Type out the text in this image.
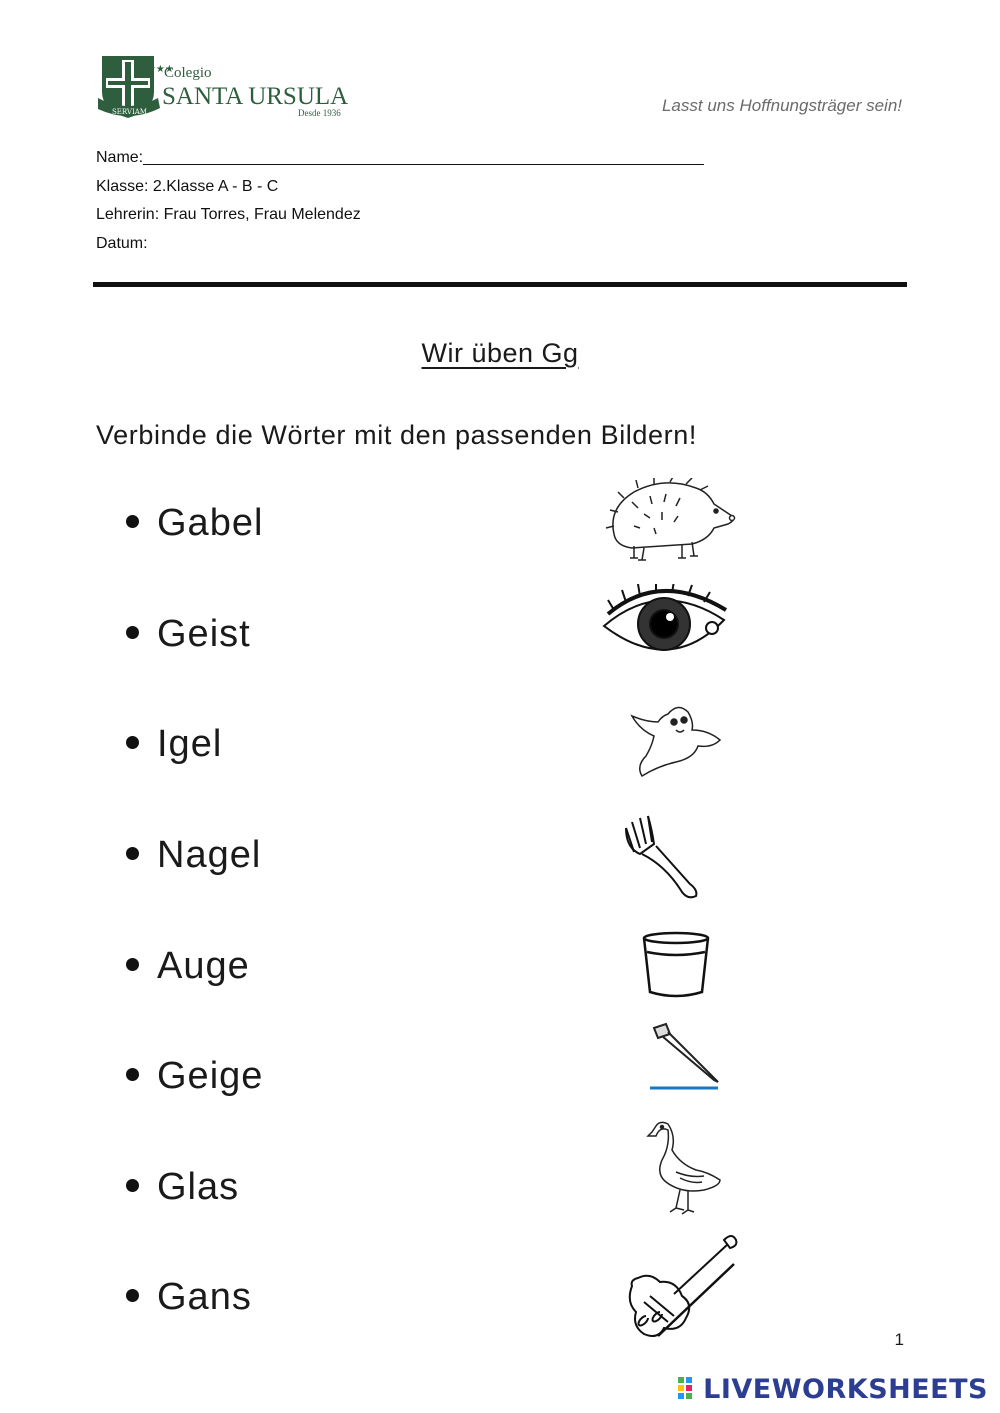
★★★★
SERVIAM
Colegio
SANTA URSULA
Desde 1936	Lasst uns Hoffnungsträger sein!
Name:_______________________________________________________________
Klasse: 2.Klasse A - B - C
Lehrerin: Frau Torres, Frau Melendez
Datum:
Wir üben Gg
Verbinde die Wörter mit den passenden Bildern!
Gabel
Geist
Igel
Nagel
Auge
Geige
Glas
Gans
1
LIVEWORKSHEETS
